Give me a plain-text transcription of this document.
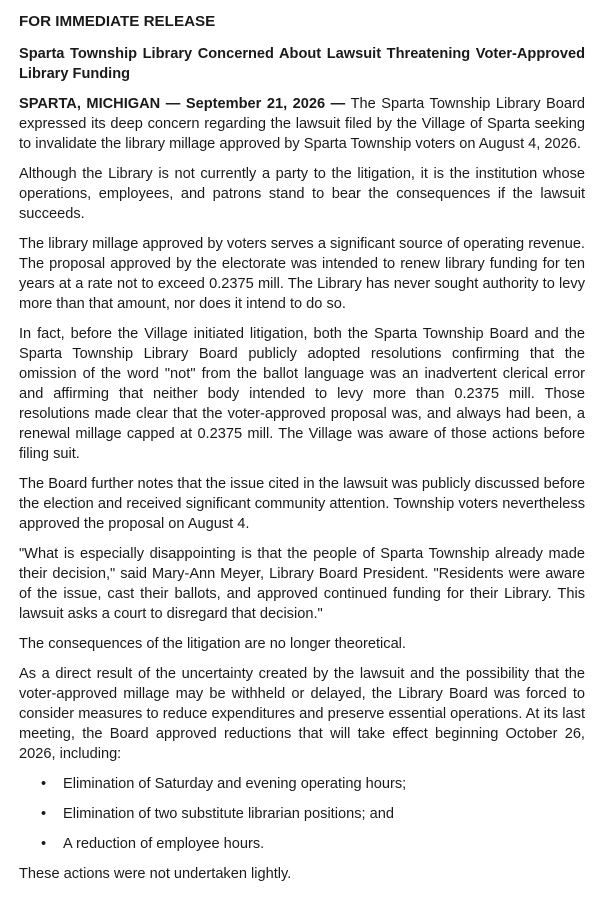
FOR IMMEDIATE RELEASE
Sparta Township Library Concerned About Lawsuit Threatening Voter-Approved Library Funding

SPARTA, MICHIGAN — September 21, 2026 — The Sparta Township Library Board expressed its deep concern regarding the lawsuit filed by the Village of Sparta seeking to invalidate the library millage approved by Sparta Township voters on August 4, 2026.

Although the Library is not currently a party to the litigation, it is the institution whose operations, employees, and patrons stand to bear the consequences if the lawsuit succeeds.

The library millage approved by voters serves a significant source of operating revenue. The proposal approved by the electorate was intended to renew library funding for ten years at a rate not to exceed 0.2375 mill. The Library has never sought authority to levy more than that amount, nor does it intend to do so.

In fact, before the Village initiated litigation, both the Sparta Township Board and the Sparta Township Library Board publicly adopted resolutions confirming that the omission of the word "not" from the ballot language was an inadvertent clerical error and affirming that neither body intended to levy more than 0.2375 mill. Those resolutions made clear that the voter-approved proposal was, and always had been, a renewal millage capped at 0.2375 mill. The Village was aware of those actions before filing suit.

The Board further notes that the issue cited in the lawsuit was publicly discussed before the election and received significant community attention. Township voters nevertheless approved the proposal on August 4.

"What is especially disappointing is that the people of Sparta Township already made their decision," said Mary-Ann Meyer, Library Board President. "Residents were aware of the issue, cast their ballots, and approved continued funding for their Library. This lawsuit asks a court to disregard that decision."

The consequences of the litigation are no longer theoretical.

As a direct result of the uncertainty created by the lawsuit and the possibility that the voter-approved millage may be withheld or delayed, the Library Board was forced to consider measures to reduce expenditures and preserve essential operations. At its last meeting, the Board approved reductions that will take effect beginning October 26, 2026, including:

• Elimination of Saturday and evening operating hours;
• Elimination of two substitute librarian positions; and
• A reduction of employee hours.

These actions were not undertaken lightly.
